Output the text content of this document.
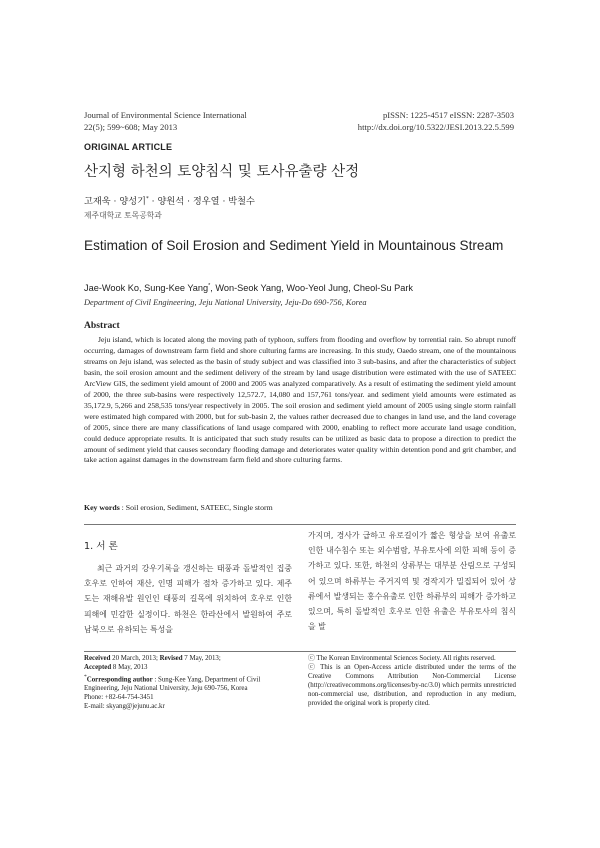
Journal of Environmental Science International
22(5); 599~608; May 2013
pISSN: 1225-4517 eISSN: 2287-3503
http://dx.doi.org/10.5322/JESI.2013.22.5.599
ORIGINAL ARTICLE
산지형 하천의 토양침식 및 토사유출량 산정
고재욱 · 양성기* · 양원석 · 정우열 · 박철수
제주대학교 토목공학과
Estimation of Soil Erosion and Sediment Yield in Mountainous Stream
Jae-Wook Ko, Sung-Kee Yang*, Won-Seok Yang, Woo-Yeol Jung, Cheol-Su Park
Department of Civil Engineering, Jeju National University, Jeju-Do 690-756, Korea
Abstract
Jeju island, which is located along the moving path of typhoon, suffers from flooding and overflow by torrential rain. So abrupt runoff occurring, damages of downstream farm field and shore culturing farms are increasing. In this study, Oaedo stream, one of the mountainous streams on Jeju island, was selected as the basin of study subject and was classified into 3 sub-basins, and after the characteristics of subject basin, the soil erosion amount and the sediment delivery of the stream by land usage distribution were estimated with the use of SATEEC ArcView GIS, the sediment yield amount of 2000 and 2005 was analyzed comparatively. As a result of estimating the sediment yield amount of 2000, the three sub-basins were respectively 12,572.7, 14,080 and 157,761 tons/year. and sediment yield amounts were estimated as 35,172.9, 5,266 and 258,535 tons/year respectively in 2005. The soil erosion and sediment yield amount of 2005 using single storm rainfall were estimated high compared with 2000, but for sub-basin 2, the values rather decreased due to changes in land use, and the land coverage of 2005, since there are many classifications of land usage compared with 2000, enabling to reflect more accurate land usage condition, could deduce appropriate results. It is anticipated that such study results can be utilized as basic data to propose a direction to predict the amount of sediment yield that causes secondary flooding damage and deteriorates water quality within detention pond and grit chamber, and take action against damages in the downstream farm field and shore culturing farms.
Key words : Soil erosion, Sediment, SATEEC, Single storm
1. 서 론
최근 과거의 강우기록을 갱신하는 태풍과 돌발적인 집중호우로 인하여 재산, 인명 피해가 점차 증가하고 있다. 제주도는 재해유발 원인인 태풍의 길목에 위치하여 호우로 인한 피해에 민감한 실정이다. 하천은 한라산에서 발원하여 주로 남북으로 유하되는 특성을
가지며, 경사가 급하고 유로길이가 짧은 형상을 보여 유출로 인한 내수침수 또는 외수범람, 부유토사에 의한 피해 등이 증가하고 있다. 또한, 하천의 상류부는 대부분 산림으로 구성되어 있으며 하류부는 주거지역 및 경작지가 밀집되어 있어 상류에서 발생되는 홍수유출로 인한 하류부의 피해가 증가하고 있으며, 특히 돌발적인 호우로 인한 유출은 부유토사의 침식을 발
Received 20 March, 2013; Revised 7 May, 2013;
Accepted 8 May, 2013
*Corresponding author : Sung-Kee Yang, Department of Civil Engineering, Jeju National University, Jeju 690-756, Korea
Phone: +82-64-754-3451
E-mail: skyang@jejunu.ac.kr
ⓒ The Korean Environmental Sciences Society. All rights reserved.
ⓒ This is an Open-Access article distributed under the terms of the Creative Commons Attribution Non-Commercial License (http://creativecommons.org/licenses/by-nc/3.0) which permits unrestricted non-commercial use, distribution, and reproduction in any medium, provided the original work is properly cited.
